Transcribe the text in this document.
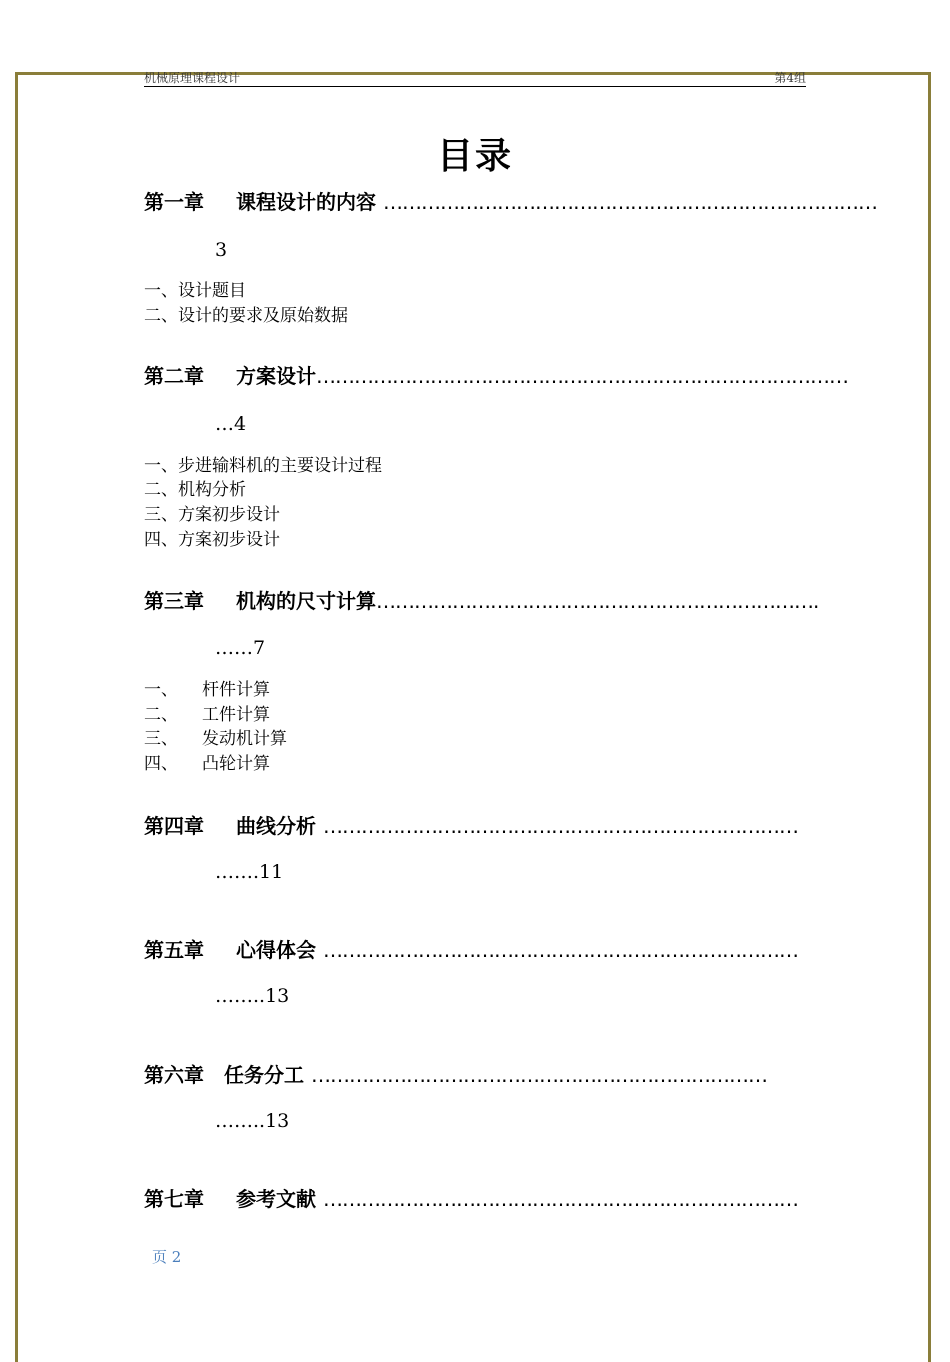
机械原理课程设计	第4组
目录
第一章 课程设计的内容 ……………………………………………………………………
3
一、设计题目
二、设计的要求及原始数据
第二章 方案设计…………………………………………………………………………
…4
一、步进输料机的主要设计过程
二、机构分析
三、方案初步设计
四、方案初步设计
第三章 机构的尺寸计算…………………………………………………………….
……7
一、 杆件计算
二、 工件计算
三、 发动机计算
四、 凸轮计算
第四章 曲线分析 …………………………………………………………………
…….11
第五章 心得体会 …………………………………………………………………
……..13
第六章 任务分工 ………………………………………………………………
……..13
第七章 参考文献 …………………………………………………………………
页 2
